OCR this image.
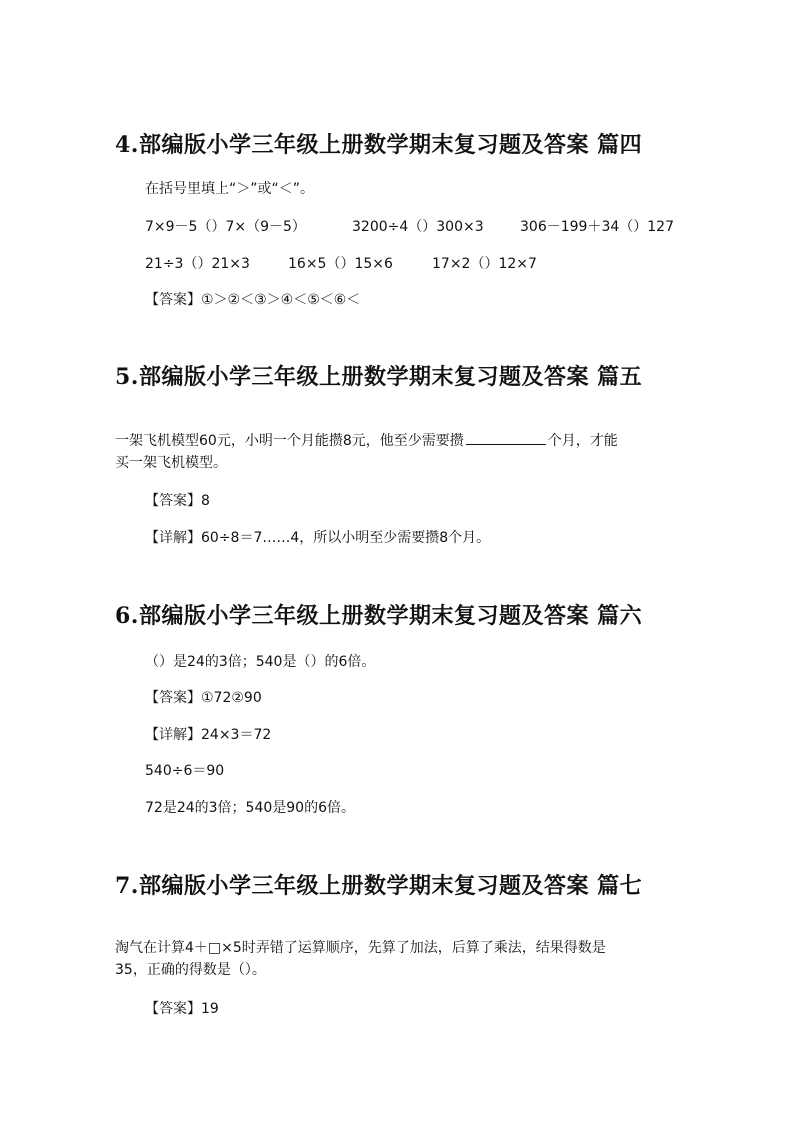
4.部编版小学三年级上册数学期末复习题及答案 篇四
在括号里填上“＞”或“＜”。
7×9－5（）7×（9－5）	3200÷4（）300×3	306－199＋34（）127
21÷3（）21×3	16×5（）15×6	17×2（）12×7
【答案】①＞②＜③＞④＜⑤＜⑥＜
5.部编版小学三年级上册数学期末复习题及答案 篇五
一架飞机模型60元，小明一个月能攒8元，他至少需要攒	个月，才能
买一架飞机模型。
【答案】8
【详解】60÷8＝7……4，所以小明至少需要攒8个月。
6.部编版小学三年级上册数学期末复习题及答案 篇六
（）是24的3倍；540是（）的6倍。
【答案】①72②90
【详解】24×3＝72
540÷6＝90
72是24的3倍；540是90的6倍。
7.部编版小学三年级上册数学期末复习题及答案 篇七
淘气在计算4＋□×5时弄错了运算顺序，先算了加法，后算了乘法，结果得数是
35，正确的得数是（）。
【答案】19
